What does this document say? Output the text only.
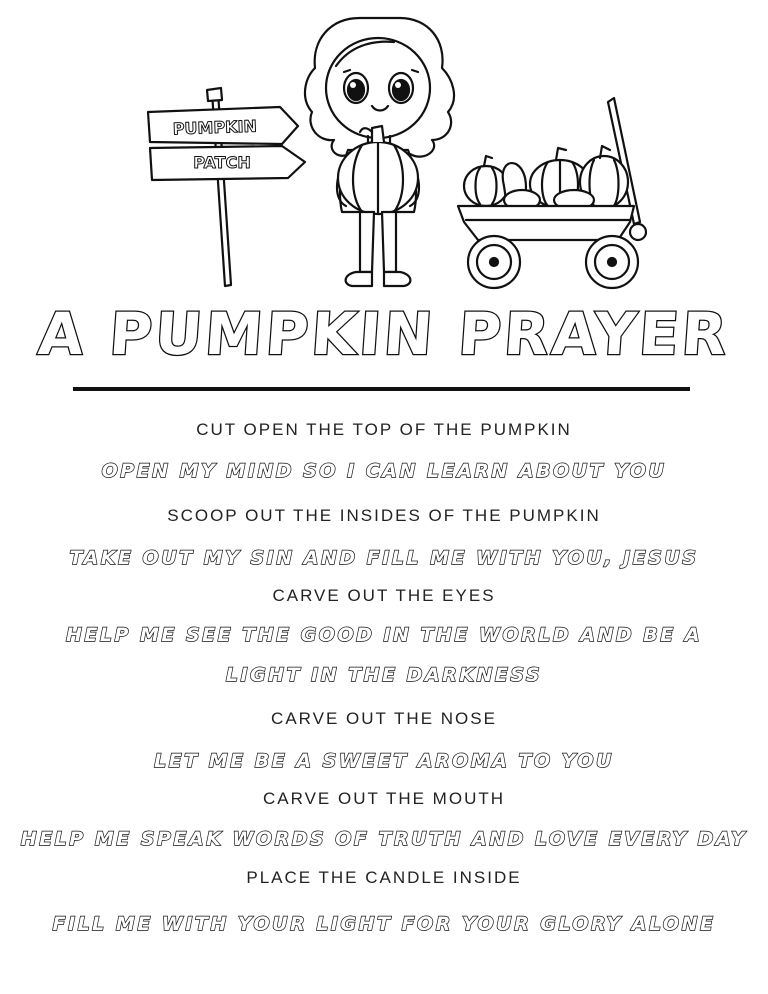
PUMPKIN
PATCH
A PUMPKIN PRAYER
CUT OPEN THE TOP OF THE PUMPKIN
OPEN MY MIND SO I CAN LEARN ABOUT YOU
SCOOP OUT THE INSIDES OF THE PUMPKIN
TAKE OUT MY SIN AND FILL ME WITH YOU, JESUS
CARVE OUT THE EYES
HELP ME SEE THE GOOD IN THE WORLD AND BE A
LIGHT IN THE DARKNESS
CARVE OUT THE NOSE
LET ME BE A SWEET AROMA TO YOU
CARVE OUT THE MOUTH
HELP ME SPEAK WORDS OF TRUTH AND LOVE EVERY DAY
PLACE THE CANDLE INSIDE
FILL ME WITH YOUR LIGHT FOR YOUR GLORY ALONE
